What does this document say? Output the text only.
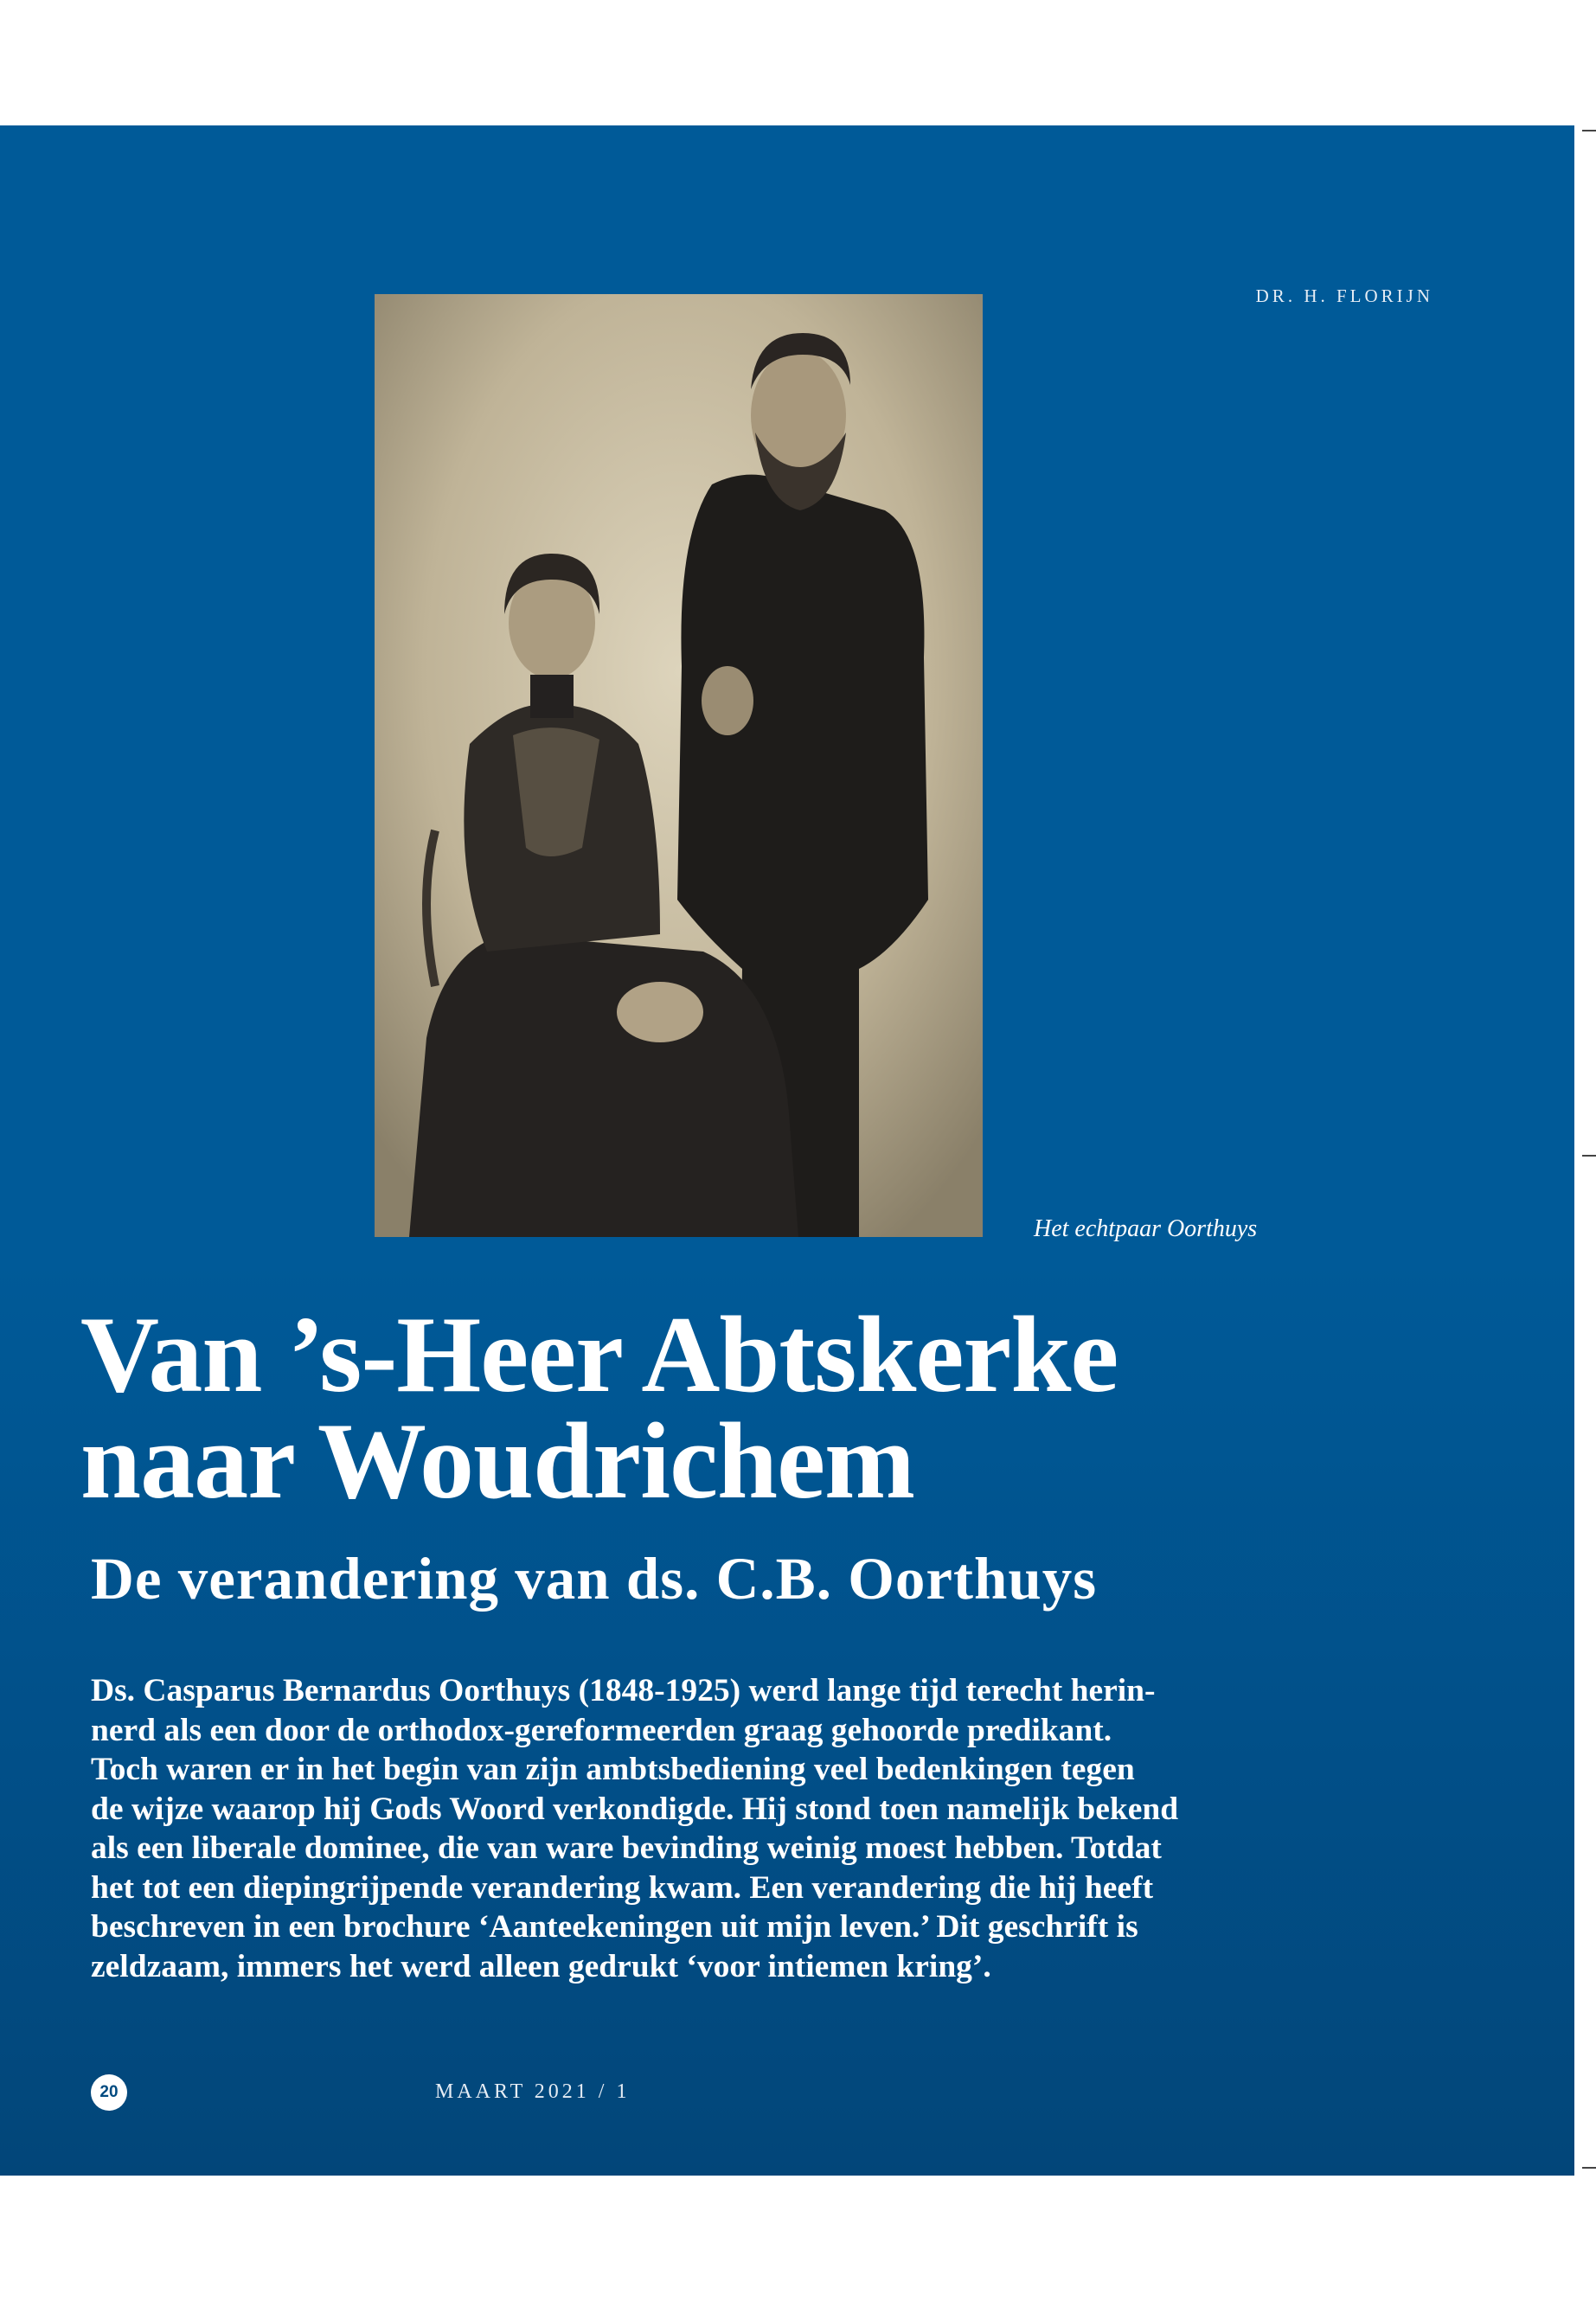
DR. H. FLORIJN
Het echtpaar Oorthuys
Van ’s-Heer Abtskerke
naar Woudrichem
De verandering van ds. C.B. Oorthuys

Ds. Casparus Bernardus Oorthuys (1848-1925) werd lange tijd terecht herin-
nerd als een door de orthodox-gereformeerden graag gehoorde predikant.
Toch waren er in het begin van zijn ambtsbediening veel bedenkingen tegen
de wijze waarop hij Gods Woord verkondigde. Hij stond toen namelijk bekend
als een liberale dominee, die van ware bevinding weinig moest hebben. Totdat
het tot een diepingrijpende verandering kwam. Een verandering die hij heeft
beschreven in een brochure ‘Aanteekeningen uit mijn leven.’ Dit geschrift is
zeldzaam, immers het werd alleen gedrukt ‘voor intiemen kring’.

20	MAART 2021 / 1
